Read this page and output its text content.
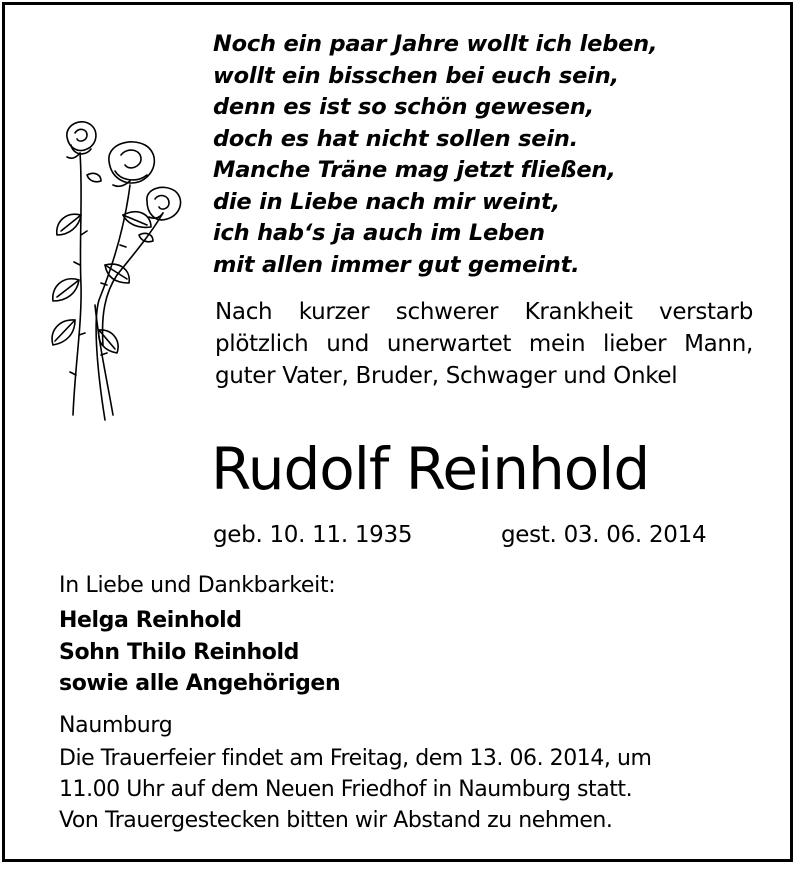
Noch ein paar Jahre wollt ich leben,
wollt ein bisschen bei euch sein,
denn es ist so schön gewesen,
doch es hat nicht sollen sein.
Manche Träne mag jetzt fließen,
die in Liebe nach mir weint,
ich hab‘s ja auch im Leben
mit allen immer gut gemeint.
Nach kurzer schwerer Krankheit verstarb plötzlich und unerwartet mein lieber Mann, guter Vater, Bruder, Schwager und Onkel
Rudolf Reinhold
geb. 10. 11. 1935	gest. 03. 06. 2014
In Liebe und Dankbarkeit:
Helga Reinhold
Sohn Thilo Reinhold
sowie alle Angehörigen
Naumburg
Die Trauerfeier findet am Freitag, dem 13. 06. 2014, um
11.00 Uhr auf dem Neuen Friedhof in Naumburg statt.
Von Trauergestecken bitten wir Abstand zu nehmen.
